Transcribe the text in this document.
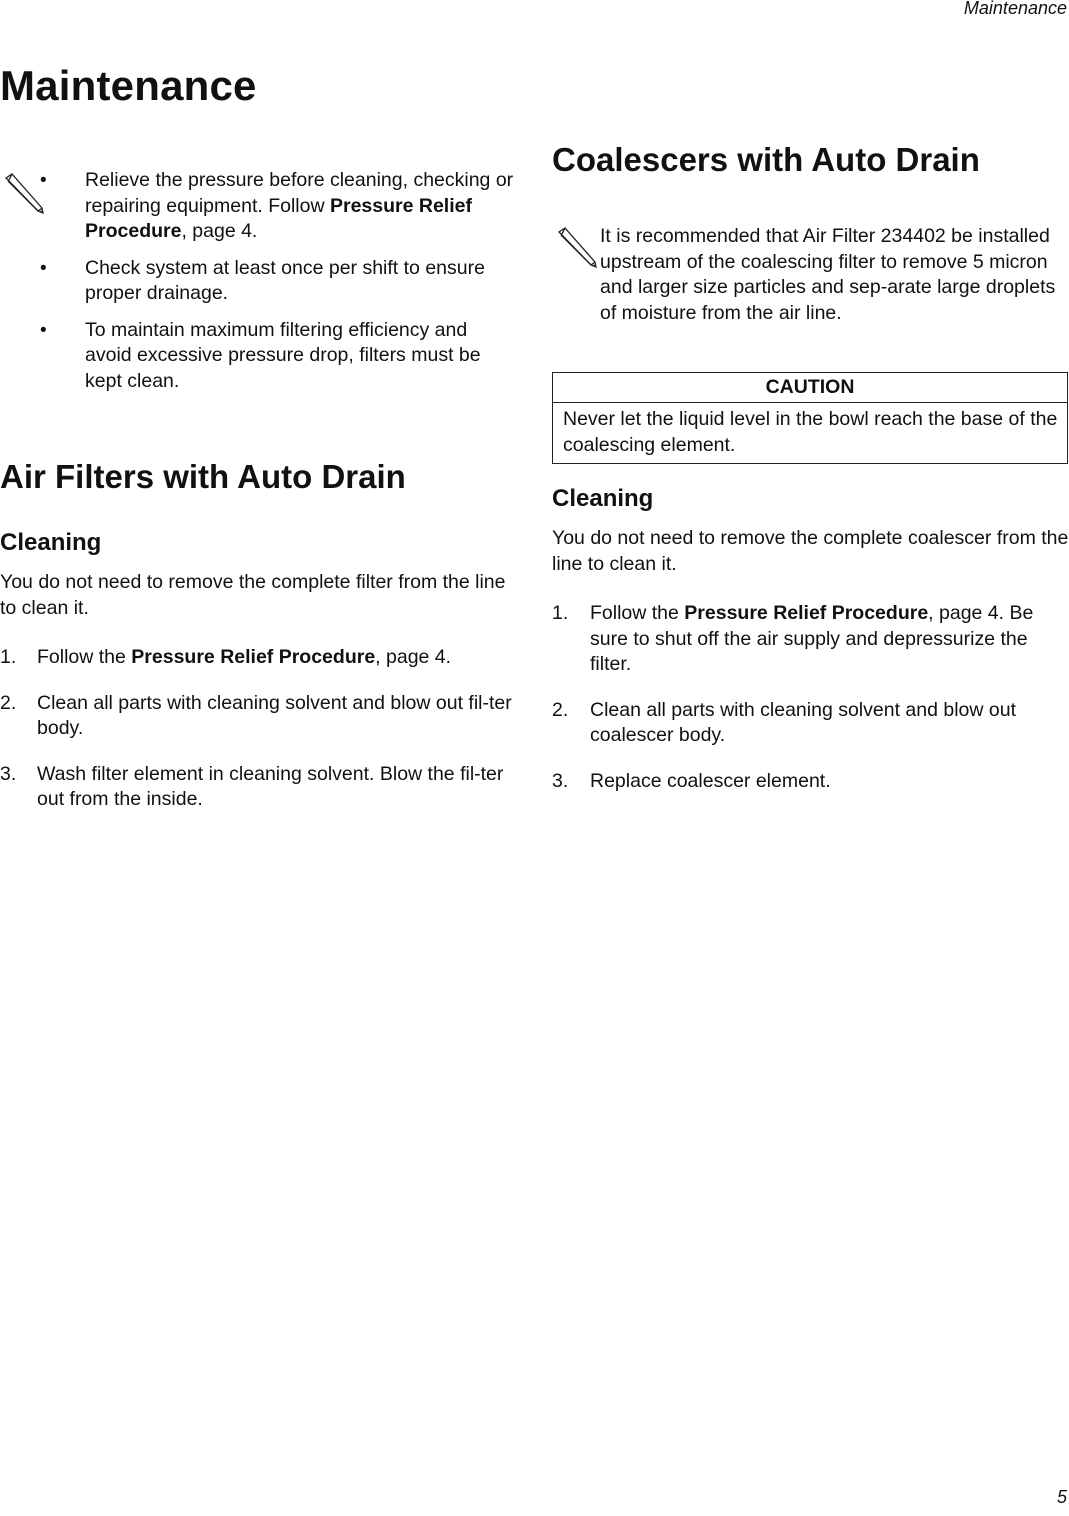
Maintenance
Maintenance
• Relieve the pressure before cleaning, checking or repairing equipment. Follow Pressure Relief Procedure, page 4.
• Check system at least once per shift to ensure proper drainage.
• To maintain maximum filtering efficiency and avoid excessive pressure drop, filters must be kept clean.
Air Filters with Auto Drain
Cleaning

You do not need to remove the complete filter from the line to clean it.

1. Follow the Pressure Relief Procedure, page 4.
2. Clean all parts with cleaning solvent and blow out fil-ter body.
3. Wash filter element in cleaning solvent. Blow the fil-ter out from the inside.
Coalescers with Auto Drain

It is recommended that Air Filter 234402 be installed upstream of the coalescing filter to remove 5 micron and larger size particles and sep-arate large droplets of moisture from the air line.

CAUTION
Never let the liquid level in the bowl reach the base of the coalescing element.
Cleaning

You do not need to remove the complete coalescer from the line to clean it.

1. Follow the Pressure Relief Procedure, page 4. Be sure to shut off the air supply and depressurize the filter.
2. Clean all parts with cleaning solvent and blow out coalescer body.
3. Replace coalescer element.
5
